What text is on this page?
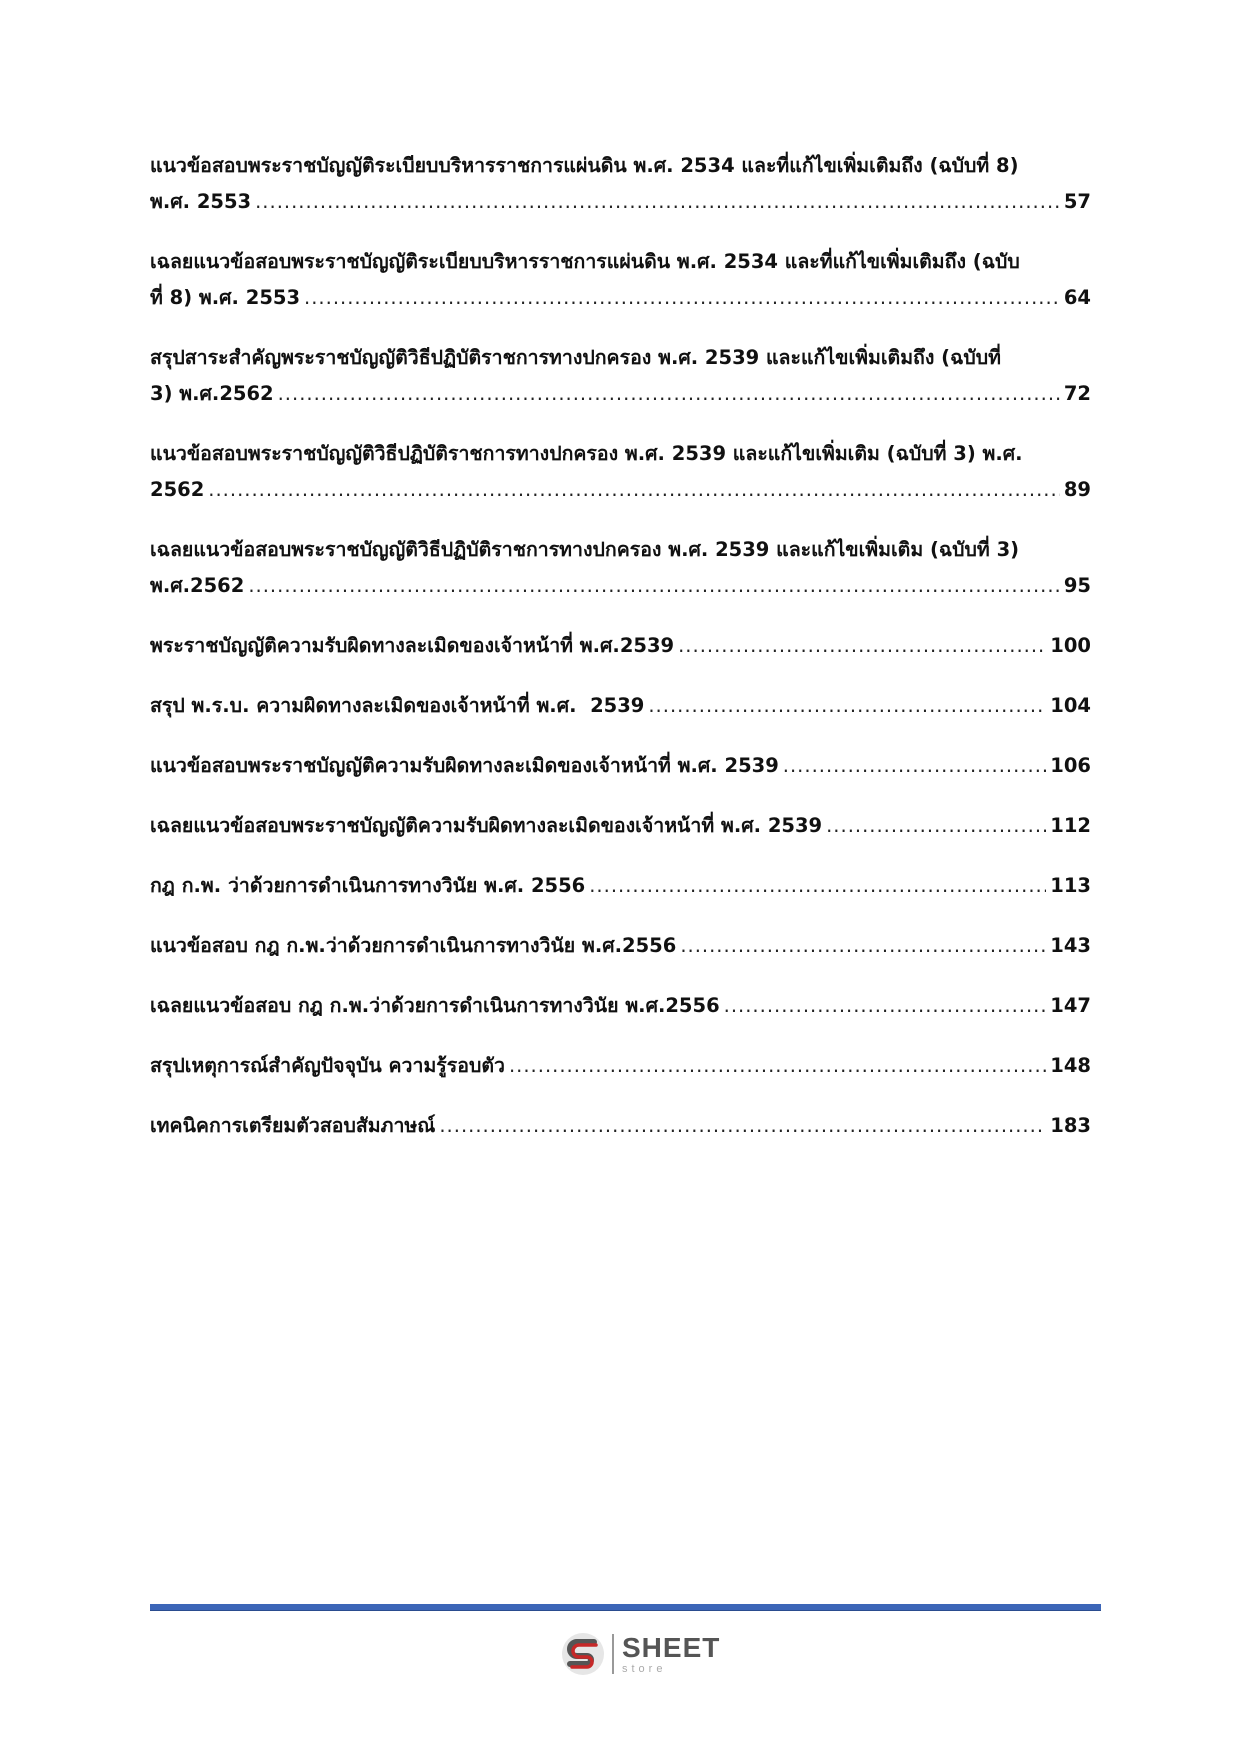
แนวข้อสอบพระราชบัญญัติระเบียบบริหารราชการแผ่นดิน พ.ศ. 2534 และที่แก้ไขเพิ่มเติมถึง (ฉบับที่ 8)
พ.ศ. 2553 .....	57
เฉลยแนวข้อสอบพระราชบัญญัติระเบียบบริหารราชการแผ่นดิน พ.ศ. 2534 และที่แก้ไขเพิ่มเติมถึง (ฉบับ
ที่ 8) พ.ศ. 2553 .....	64
สรุปสาระสำคัญพระราชบัญญัติวิธีปฏิบัติราชการทางปกครอง พ.ศ. 2539 และแก้ไขเพิ่มเติมถึง (ฉบับที่
3) พ.ศ.2562 .....	72
แนวข้อสอบพระราชบัญญัติวิธีปฏิบัติราชการทางปกครอง พ.ศ. 2539 และแก้ไขเพิ่มเติม (ฉบับที่ 3) พ.ศ.
2562 .....	89
เฉลยแนวข้อสอบพระราชบัญญัติวิธีปฏิบัติราชการทางปกครอง พ.ศ. 2539 และแก้ไขเพิ่มเติม (ฉบับที่ 3)
พ.ศ.2562 .....	95
พระราชบัญญัติความรับผิดทางละเมิดของเจ้าหน้าที่ พ.ศ.2539 .....	100
สรุป พ.ร.บ. ความผิดทางละเมิดของเจ้าหน้าที่ พ.ศ.  2539 .....	104
แนวข้อสอบพระราชบัญญัติความรับผิดทางละเมิดของเจ้าหน้าที่ พ.ศ. 2539 .....	106
เฉลยแนวข้อสอบพระราชบัญญัติความรับผิดทางละเมิดของเจ้าหน้าที่ พ.ศ. 2539 .....	112
กฎ ก.พ. ว่าด้วยการดำเนินการทางวินัย พ.ศ. 2556 .....	113
แนวข้อสอบ กฎ ก.พ.ว่าด้วยการดำเนินการทางวินัย พ.ศ.2556 .....	143
เฉลยแนวข้อสอบ กฎ ก.พ.ว่าด้วยการดำเนินการทางวินัย พ.ศ.2556 .....	147
สรุปเหตุการณ์สำคัญปัจจุบัน ความรู้รอบตัว .....	148
เทคนิคการเตรียมตัวสอบสัมภาษณ์ .....	183
SHEET
store
